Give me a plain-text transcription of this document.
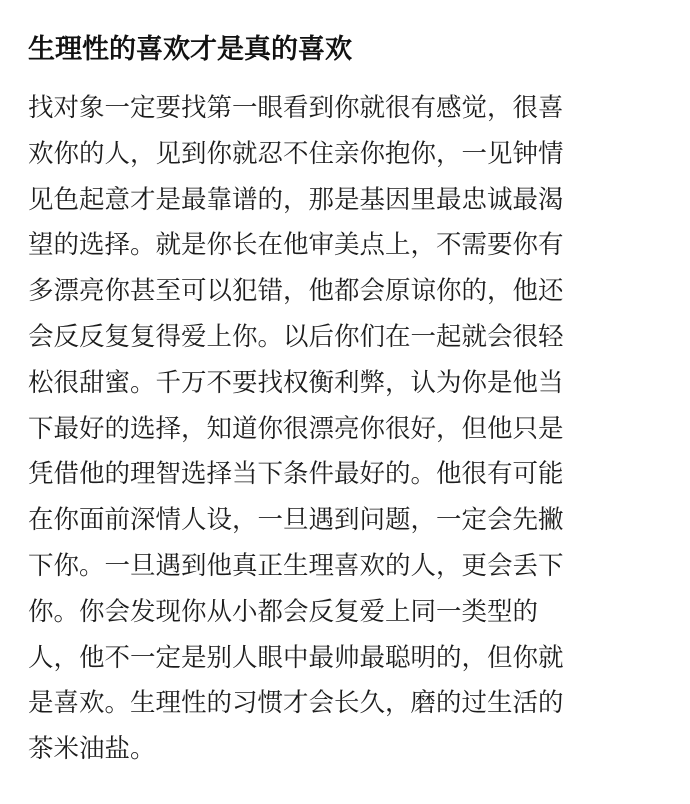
生理性的喜欢才是真的喜欢
找对象一定要找第一眼看到你就很有感觉，很喜
欢你的人，见到你就忍不住亲你抱你，一见钟情
见色起意才是最靠谱的，那是基因里最忠诚最渴
望的选择。就是你长在他审美点上，不需要你有
多漂亮你甚至可以犯错，他都会原谅你的，他还
会反反复复得爱上你。以后你们在一起就会很轻
松很甜蜜。千万不要找权衡利弊，认为你是他当
下最好的选择，知道你很漂亮你很好，但他只是
凭借他的理智选择当下条件最好的。他很有可能
在你面前深情人设，一旦遇到问题，一定会先撇
下你。一旦遇到他真正生理喜欢的人，更会丢下
你。你会发现你从小都会反复爱上同一类型的
人，他不一定是别人眼中最帅最聪明的，但你就
是喜欢。生理性的习惯才会长久，磨的过生活的
茶米油盐。
